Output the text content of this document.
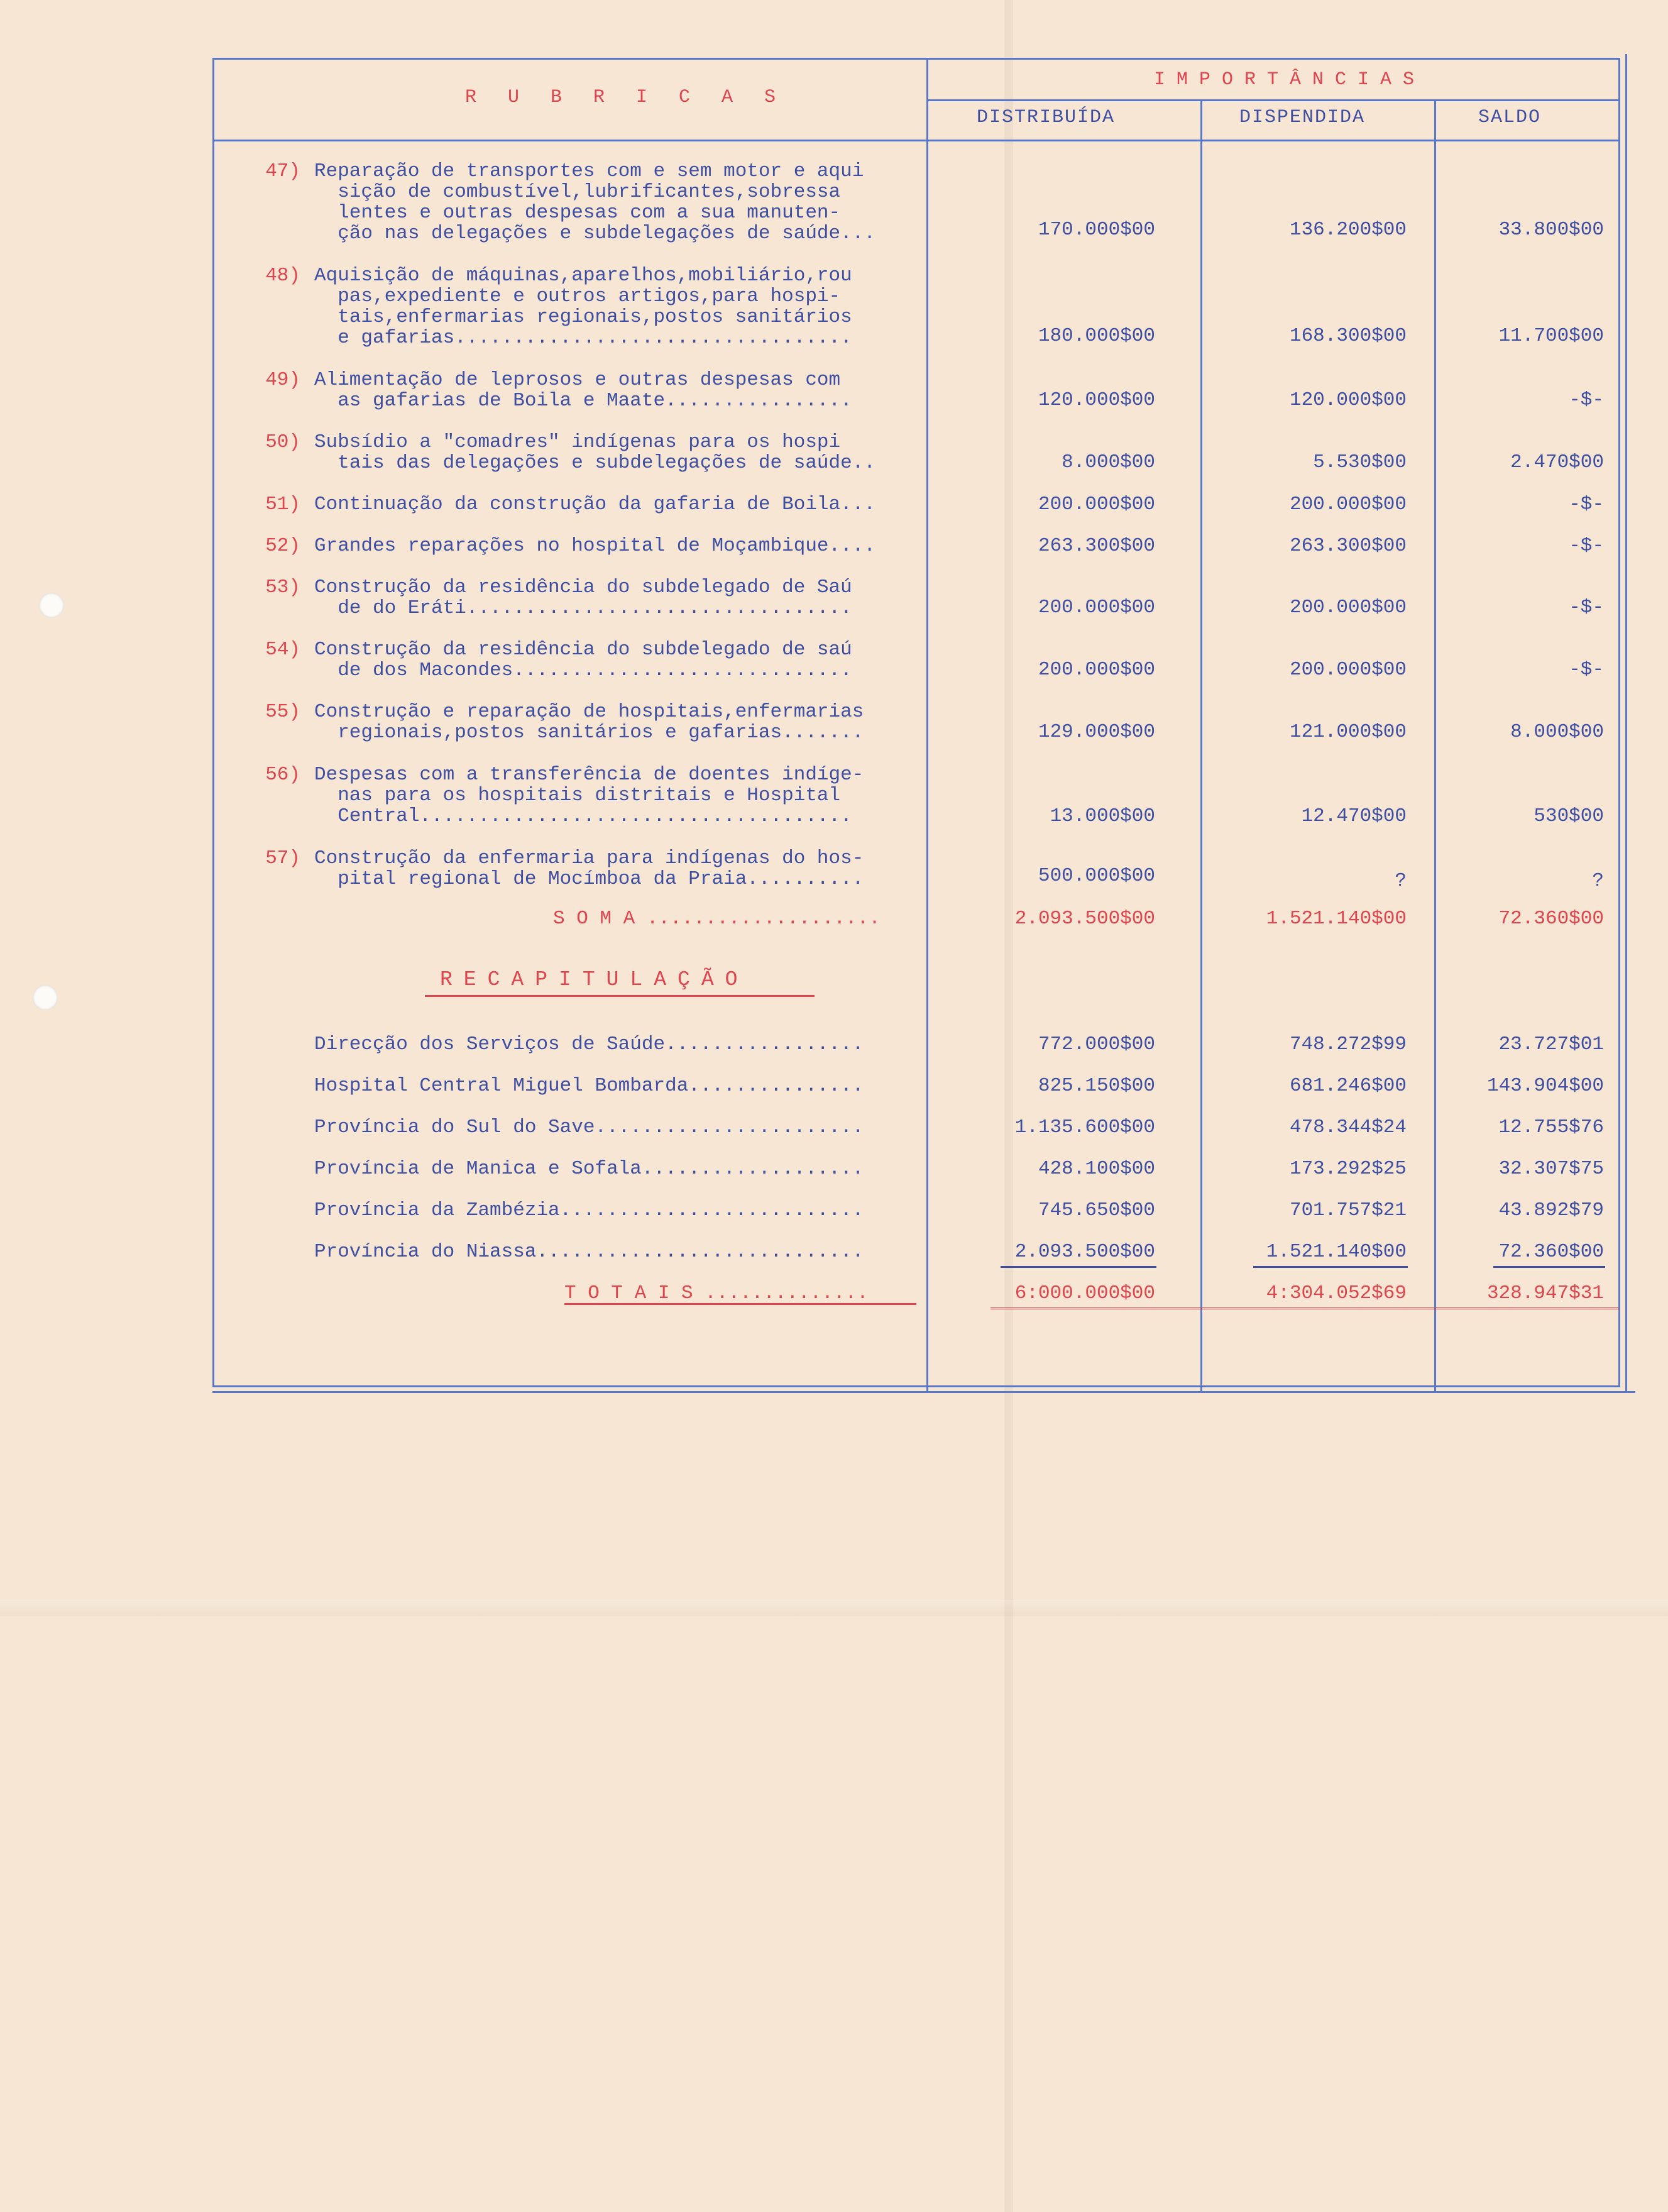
R U B R I C A S
IMPORTÂNCIAS
DISTRIBUÍDA	DISPENDIDA	SALDO
47) Reparação de transportes com e sem motor e aqui
sição de combustível,lubrificantes,sobressa
lentes e outras despesas com a sua manuten-
ção nas delegações e subdelegações de saúde...	170.000$00	136.200$00	33.800$00
48) Aquisição de máquinas,aparelhos,mobiliário,rou
pas,expediente e outros artigos,para hospi-
tais,enfermarias regionais,postos sanitários
e gafarias..................................	180.000$00	168.300$00	11.700$00
49) Alimentação de leprosos e outras despesas com
as gafarias de Boila e Maate................	120.000$00	120.000$00	-$-
50) Subsídio a "comadres" indígenas para os hospi
tais das delegações e subdelegações de saúde..	8.000$00	5.530$00	2.470$00
51) Continuação da construção da gafaria de Boila...	200.000$00	200.000$00	-$-
52) Grandes reparações no hospital de Moçambique....	263.300$00	263.300$00	-$-
53) Construção da residência do subdelegado de Saú
de do Eráti.................................	200.000$00	200.000$00	-$-
54) Construção da residência do subdelegado de saú
de dos Macondes.............................	200.000$00	200.000$00	-$-
55) Construção e reparação de hospitais,enfermarias
regionais,postos sanitários e gafarias.......	129.000$00	121.000$00	8.000$00
56) Despesas com a transferência de doentes indíge-
nas para os hospitais distritais e Hospital
Central.....................................	13.000$00	12.470$00	530$00
57) Construção da enfermaria para indígenas do hos-
pital regional de Mocímboa da Praia..........	500.000$00	?	?
S O M A ....................	2.093.500$00	1.521.140$00	72.360$00
RECAPITULAÇÃO
Direcção dos Serviços de Saúde.................	772.000$00	748.272$99	23.727$01
Hospital Central Miguel Bombarda...............	825.150$00	681.246$00	143.904$00
Província do Sul do Save.......................	1.135.600$00	478.344$24	12.755$76
Província de Manica e Sofala...................	428.100$00	173.292$25	32.307$75
Província da Zambézia..........................	745.650$00	701.757$21	43.892$79
Província do Niassa............................	2.093.500$00	1.521.140$00	72.360$00
T O T A I S ..............	6:000.000$00	4:304.052$69	328.947$31
